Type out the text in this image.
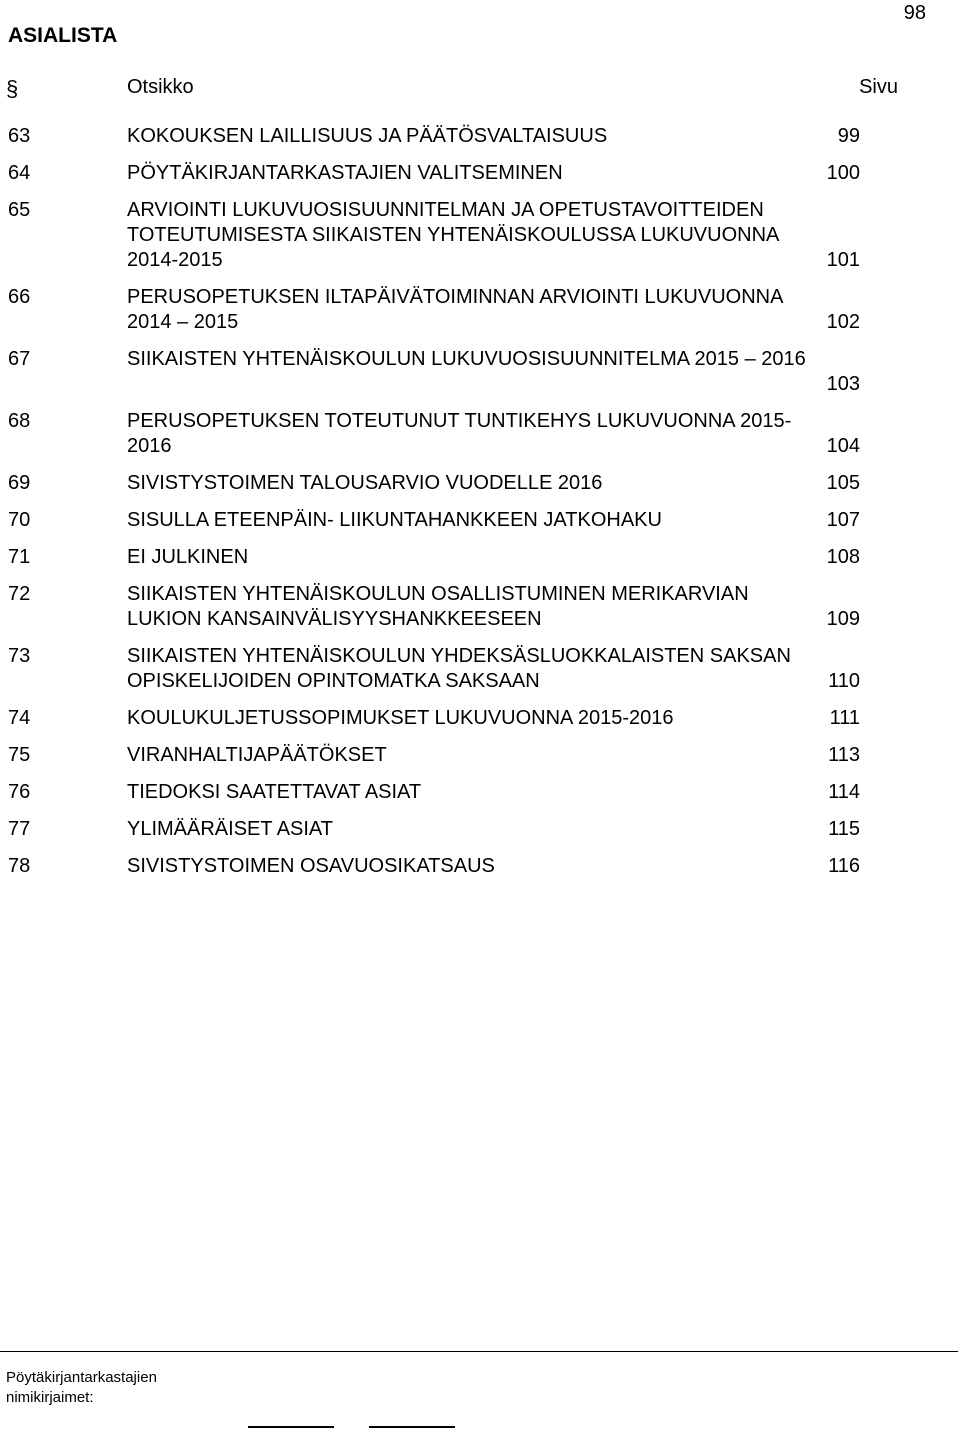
98
ASIALISTA
§	Otsikko	Sivu
63	KOKOUKSEN LAILLISUUS JA PÄÄTÖSVALTAISUUS	99
64	PÖYTÄKIRJANTARKASTAJIEN VALITSEMINEN	100
65	ARVIOINTI LUKUVUOSISUUNNITELMAN JA OPETUSTAVOITTEIDEN
TOTEUTUMISESTA SIIKAISTEN YHTENÄISKOULUSSA LUKUVUONNA
2014-2015	101
66	PERUSOPETUKSEN ILTAPÄIVÄTOIMINNAN ARVIOINTI LUKUVUONNA
2014 – 2015	102
67	SIIKAISTEN YHTENÄISKOULUN LUKUVUOSISUUNNITELMA 2015 – 2016
103
68	PERUSOPETUKSEN TOTEUTUNUT TUNTIKEHYS LUKUVUONNA 2015-
2016	104
69	SIVISTYSTOIMEN TALOUSARVIO VUODELLE 2016	105
70	SISULLA ETEENPÄIN- LIIKUNTAHANKKEEN JATKOHAKU	107
71	EI JULKINEN	108
72	SIIKAISTEN YHTENÄISKOULUN OSALLISTUMINEN MERIKARVIAN
LUKION KANSAINVÄLISYYSHANKKEESEEN	109
73	SIIKAISTEN YHTENÄISKOULUN YHDEKSÄSLUOKKALAISTEN SAKSAN
OPISKELIJOIDEN OPINTOMATKA SAKSAAN	110
74	KOULUKULJETUSSOPIMUKSET LUKUVUONNA 2015-2016	111
75	VIRANHALTIJAPÄÄTÖKSET	113
76	TIEDOKSI SAATETTAVAT ASIAT	114
77	YLIMÄÄRÄISET ASIAT	115
78	SIVISTYSTOIMEN OSAVUOSIKATSAUS	116
Pöytäkirjantarkastajien
nimikirjaimet:
